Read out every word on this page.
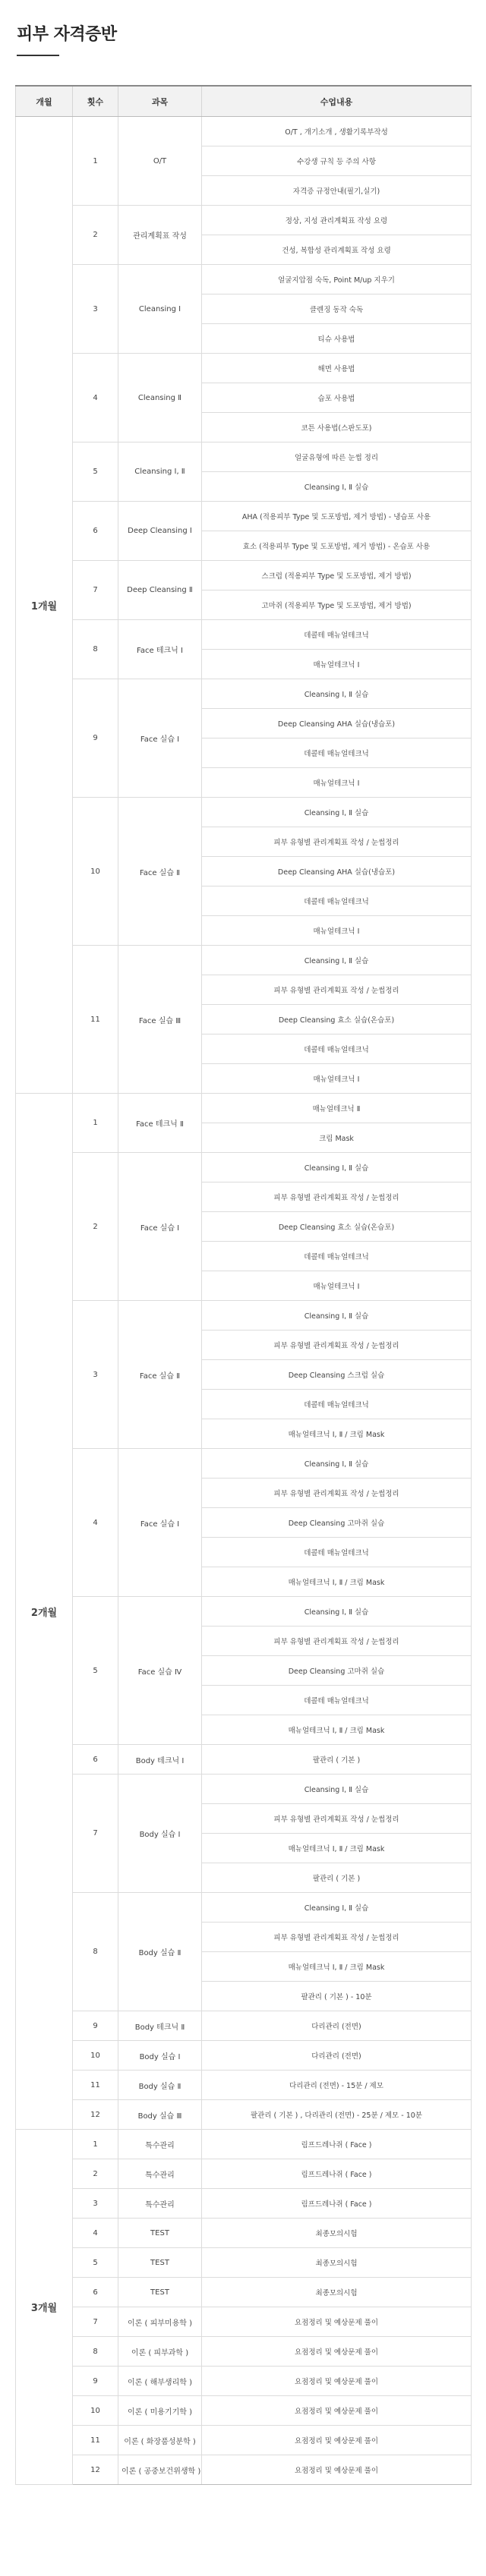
피부 자격증반
개월	횟수	과목	수업내용
1개월	1	O/T	O/T , 개기소개 , 생활기록부작성
			수강생 규칙 등 주의 사항
			자격증 규정안내(필기,실기)
	2	관리계획표 작성	정상, 지성 관리계획표 작성 요령
			건성, 복합성 관리계획표 작성 요령
	3	Cleansing Ⅰ	얼굴지압점 숙독, Point M/up 지우기
			클렌징 동작 숙독
			티슈 사용법
	4	Cleansing Ⅱ	해면 사용법
			습포 사용법
			코튼 사용법(스판도포)
	5	Cleansing Ⅰ, Ⅱ	얼굴유형에 따른 눈썹 정리
			Cleansing Ⅰ, Ⅱ 실습
	6	Deep Cleansing Ⅰ	AHA (적용피부 Type 및 도포방법, 제거 방법) - 냉습포 사용
			효소 (적용피부 Type 및 도포방법, 제거 방법) - 온습포 사용
	7	Deep Cleansing Ⅱ	스크럽 (적용피부 Type 및 도포방법, 제거 방법)
			고마쥐 (적용피부 Type 및 도포방법, 제거 방법)
	8	Face 테크닉 Ⅰ	데콜테 매뉴얼테크닉
			매뉴얼테크닉 Ⅰ
	9	Face 실습 Ⅰ	Cleansing Ⅰ, Ⅱ 실습
			Deep Cleansing AHA 실습(냉습포)
			데콜테 매뉴얼테크닉
			매뉴얼테크닉 Ⅰ
	10	Face 실습 Ⅱ	Cleansing Ⅰ, Ⅱ 실습
			피부 유형별 관리계획표 작성 / 눈썹정리
			Deep Cleansing AHA 실습(냉습포)
			데콜테 매뉴얼테크닉
			매뉴얼테크닉 Ⅰ
	11	Face 실습 Ⅲ	Cleansing Ⅰ, Ⅱ 실습
			피부 유형별 관리계획표 작성 / 눈썹정리
			Deep Cleansing 효소 실습(온습포)
			데콜테 매뉴얼테크닉
			매뉴얼테크닉 Ⅰ
2개월	1	Face 테크닉 Ⅱ	매뉴얼테크닉 Ⅱ
			크림 Mask
	2	Face 실습 Ⅰ	Cleansing Ⅰ, Ⅱ 실습
			피부 유형별 관리계획표 작성 / 눈썹정리
			Deep Cleansing 효소 실습(온습포)
			데콜테 매뉴얼테크닉
			매뉴얼테크닉 Ⅰ
	3	Face 실습 Ⅱ	Cleansing Ⅰ, Ⅱ 실습
			피부 유형별 관리계획표 작성 / 눈썹정리
			Deep Cleansing 스크럽 실습
			데콜테 매뉴얼테크닉
			매뉴얼테크닉 Ⅰ, Ⅱ / 크림 Mask
	4	Face 실습 Ⅰ	Cleansing Ⅰ, Ⅱ 실습
			피부 유형별 관리계획표 작성 / 눈썹정리
			Deep Cleansing 고마쥐 실습
			데콜테 매뉴얼테크닉
			매뉴얼테크닉 Ⅰ, Ⅱ / 크림 Mask
	5	Face 실습 Ⅳ	Cleansing Ⅰ, Ⅱ 실습
			피부 유형별 관리계획표 작성 / 눈썹정리
			Deep Cleansing 고마쥐 실습
			데콜테 매뉴얼테크닉
			매뉴얼테크닉 Ⅰ, Ⅱ / 크림 Mask
	6	Body 테크닉 Ⅰ	팔관리 ( 기본 )
	7	Body 실습 Ⅰ	Cleansing Ⅰ, Ⅱ 실습
			피부 유형별 관리계획표 작성 / 눈썹정리
			매뉴얼테크닉 Ⅰ, Ⅱ / 크림 Mask
			팔관리 ( 기본 )
	8	Body 실습 Ⅱ	Cleansing Ⅰ, Ⅱ 실습
			피부 유형별 관리계획표 작성 / 눈썹정리
			매뉴얼테크닉 Ⅰ, Ⅱ / 크림 Mask
			팔관리 ( 기본 ) - 10분
	9	Body 테크닉 Ⅱ	다리관리 (전면)
	10	Body 실습 Ⅰ	다리관리 (전면)
	11	Body 실습 Ⅱ	다리관리 (전면) - 15분 / 제모
	12	Body 실습 Ⅲ	팔관리 ( 기본 ) , 다리관리 (전면) - 25분 / 제모 - 10분
3개월	1	특수관리	림프드레나쥐 ( Face )
	2	특수관리	림프드레나쥐 ( Face )
	3	특수관리	림프드레나쥐 ( Face )
	4	TEST	최종모의시험
	5	TEST	최종모의시험
	6	TEST	최종모의시험
	7	이론 ( 피부미용학 )	요점정리 및 예상문제 풀이
	8	이론 ( 피부과학 )	요점정리 및 예상문제 풀이
	9	이론 ( 해부생리학 )	요점정리 및 예상문제 풀이
	10	이론 ( 미용기기학 )	요점정리 및 예상문제 풀이
	11	이론 ( 화장품성분학 )	요점정리 및 예상문제 풀이
	12	이론 ( 공중보건위생학 )	요점정리 및 예상문제 풀이
